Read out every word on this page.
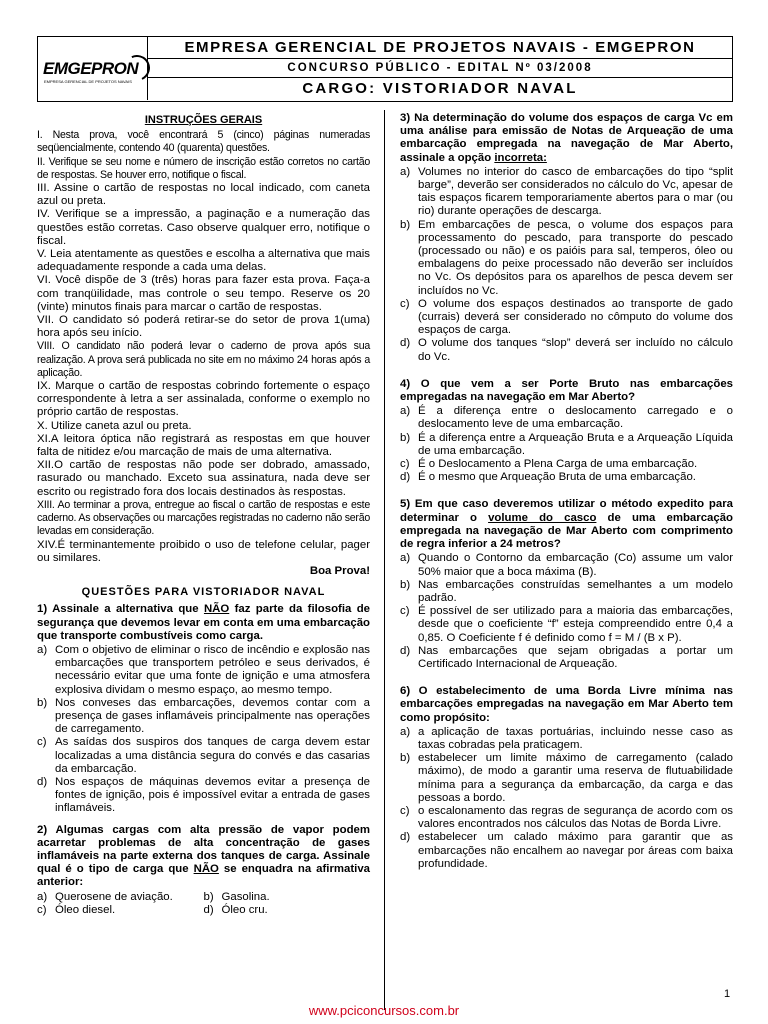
EMGEPRON
EMPRESA GERENCIAL DE PROJETOS NAVAIS
EMPRESA GERENCIAL DE PROJETOS NAVAIS - EMGEPRON
CONCURSO PÚBLICO - EDITAL Nº 03/2008
CARGO: VISTORIADOR NAVAL
INSTRUÇÕES GERAIS

I. Nesta prova, você encontrará 5 (cinco) páginas numeradas seqüencialmente, contendo 40 (quarenta) questões.

II. Verifique se seu nome e número de inscrição estão corretos no cartão de respostas. Se houver erro, notifique o fiscal.

III. Assine o cartão de respostas no local indicado, com caneta azul ou preta.

IV. Verifique se a impressão, a paginação e a numeração das questões estão corretas. Caso observe qualquer erro, notifique o fiscal.

V. Leia atentamente as questões e escolha a alternativa que mais adequadamente responde a cada uma delas.

VI. Você dispõe de 3 (três) horas para fazer esta prova. Faça-a com tranqüilidade, mas controle o seu tempo. Reserve os 20 (vinte) minutos finais para marcar o cartão de respostas.

VII. O candidato só poderá retirar-se do setor de prova 1(uma) hora após seu início.

VIII. O candidato não poderá levar o caderno de prova após sua realização. A prova será publicada no site em no máximo 24 horas após a aplicação.

IX. Marque o cartão de respostas cobrindo fortemente o espaço correspondente à letra a ser assinalada, conforme o exemplo no próprio cartão de respostas.

X. Utilize caneta azul ou preta.

XI.A leitora óptica não registrará as respostas em que houver falta de nitidez e/ou marcação de mais de uma alternativa.

XII.O cartão de respostas não pode ser dobrado, amassado, rasurado ou manchado. Exceto sua assinatura, nada deve ser escrito ou registrado fora dos locais destinados às respostas.

XIII. Ao terminar a prova, entregue ao fiscal o cartão de respostas e este caderno. As observações ou marcações registradas no caderno não serão levadas em consideração.

XIV.É terminantemente proibido o uso de telefone celular, pager ou similares.

Boa Prova!
QUESTÕES PARA VISTORIADOR NAVAL
1) Assinale a alternativa que NÃO faz parte da filosofia de segurança que devemos levar em conta em uma embarcação que transporte combustíveis como carga.
a) Com o objetivo de eliminar o risco de incêndio e explosão nas embarcações que transportem petróleo e seus derivados, é necessário evitar que uma fonte de ignição e uma atmosfera explosiva dividam o mesmo espaço, ao mesmo tempo.
b) Nos conveses das embarcações, devemos contar com a presença de gases inflamáveis principalmente nas operações de carregamento.
c) As saídas dos suspiros dos tanques de carga devem estar localizadas a uma distância segura do convés e das casarias da embarcação.
d) Nos espaços de máquinas devemos evitar a presença de fontes de ignição, pois é impossível evitar a entrada de gases inflamáveis.
2) Algumas cargas com alta pressão de vapor podem acarretar problemas de alta concentração de gases inflamáveis na parte externa dos tanques de carga. Assinale qual é o tipo de carga que NÃO se enquadra na afirmativa anterior:
a) Querosene de aviação.	b) Gasolina.
c) Óleo diesel.	d) Óleo cru.
3) Na determinação do volume dos espaços de carga Vc em uma análise para emissão de Notas de Arqueação de uma embarcação empregada na navegação de Mar Aberto, assinale a opção incorreta:
a) Volumes no interior do casco de embarcações do tipo “split barge”, deverão ser considerados no cálculo do Vc, apesar de tais espaços ficarem temporariamente abertos para o mar (ou rio) durante operações de descarga.
b) Em embarcações de pesca, o volume dos espaços para processamento do pescado, para transporte do pescado (processado ou não) e os paióis para sal, temperos, óleo ou embalagens do peixe processado não deverão ser incluídos no Vc. Os depósitos para os aparelhos de pesca devem ser incluídos no Vc.
c) O volume dos espaços destinados ao transporte de gado (currais) deverá ser considerado no cômputo do volume dos espaços de carga.
d) O volume dos tanques “slop” deverá ser incluído no cálculo do Vc.
4) O que vem a ser Porte Bruto nas embarcações empregadas na navegação em Mar Aberto?
a) É a diferença entre o deslocamento carregado e o deslocamento leve de uma embarcação.
b) É a diferença entre a Arqueação Bruta e a Arqueação Líquida de uma embarcação.
c) É o Deslocamento a Plena Carga de uma embarcação.
d) É o mesmo que Arqueação Bruta de uma embarcação.
5) Em que caso deveremos utilizar o método expedito para determinar o volume do casco de uma embarcação empregada na navegação de Mar Aberto com comprimento de regra inferior a 24 metros?
a) Quando o Contorno da embarcação (Co) assume um valor 50% maior que a boca máxima (B).
b) Nas embarcações construídas semelhantes a um modelo padrão.
c) É possível de ser utilizado para a maioria das embarcações, desde que o coeficiente “f” esteja compreendido entre 0,4 a 0,85. O Coeficiente f é definido como f = M / (B x P).
d) Nas embarcações que sejam obrigadas a portar um Certificado Internacional de Arqueação.
6) O estabelecimento de uma Borda Livre mínima nas embarcações empregadas na navegação em Mar Aberto tem como propósito:
a) a aplicação de taxas portuárias, incluindo nesse caso as taxas cobradas pela praticagem.
b) estabelecer um limite máximo de carregamento (calado máximo), de modo a garantir uma reserva de flutuabilidade mínima para a segurança da embarcação, da carga e das pessoas a bordo.
c) o escalonamento das regras de segurança de acordo com os valores encontrados nos cálculos das Notas de Borda Livre.
d) estabelecer um calado máximo para garantir que as embarcações não encalhem ao navegar por áreas com baixa profundidade.
1
www.pciconcursos.com.br
